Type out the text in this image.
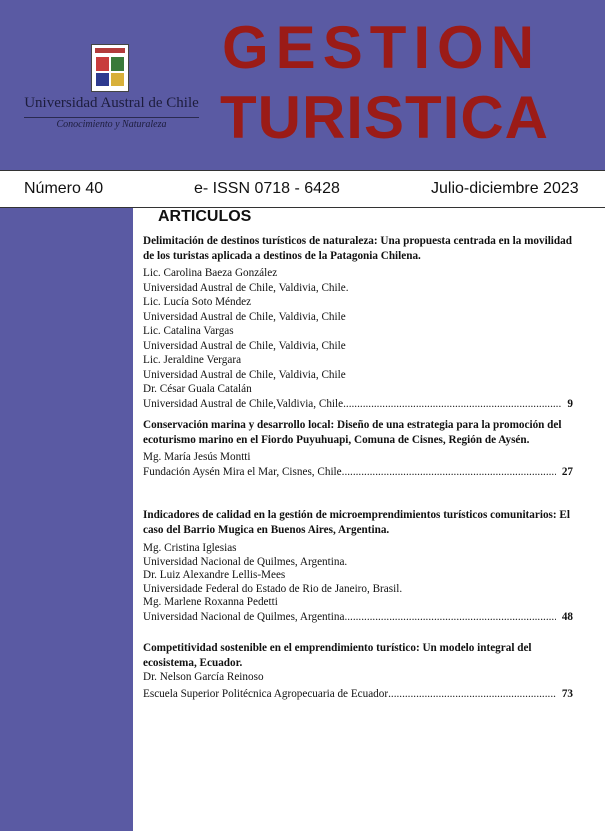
Universidad Austral de Chile
Conocimiento y Naturaleza
GESTION
TURISTICA
Número 40	e- ISSN 0718 - 6428	Julio-diciembre 2023
ARTICULOS
Delimitación de destinos turísticos de naturaleza: Una propuesta centrada en la movilidad de los turistas aplicada a destinos de la Patagonia Chilena.
Lic. Carolina Baeza González
Universidad Austral de Chile, Valdivia, Chile.
Lic. Lucía Soto Méndez
Universidad Austral de Chile, Valdivia, Chile
Lic. Catalina Vargas
Universidad Austral de Chile, Valdivia, Chile
Lic. Jeraldine Vergara
Universidad Austral de Chile, Valdivia, Chile
Dr. César Guala Catalán
Universidad Austral de Chile,Valdivia, Chile .....	9
Conservación marina y desarrollo local: Diseño de una estrategia para la promoción del ecoturismo marino en el Fiordo Puyuhuapi, Comuna de Cisnes, Región de Aysén.
Mg. María Jesús Montti
Fundación Aysén Mira el Mar, Cisnes, Chile .....	27
Indicadores de calidad en la gestión de microemprendimientos turísticos comunitarios: El caso del Barrio Mugica en Buenos Aires, Argentina.
Mg. Cristina Iglesias
Universidad Nacional de Quilmes, Argentina.
Dr. Luiz Alexandre Lellis-Mees
Universidade Federal do Estado de Rio de Janeiro, Brasil.
Mg. Marlene Roxanna Pedetti
Universidad Nacional de Quilmes, Argentina .....	48
Competitividad sostenible en el emprendimiento turístico: Un modelo integral del ecosistema, Ecuador.
Dr. Nelson García Reinoso
Escuela Superior Politécnica Agropecuaria de Ecuador .....	73
